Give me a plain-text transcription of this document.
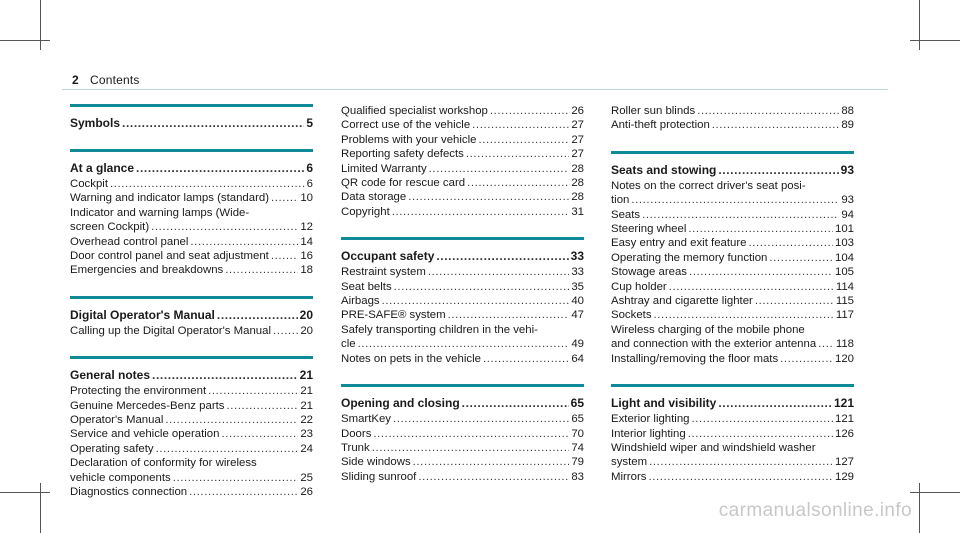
2 Contents
Symbols .....	5
At a glance .....	6
Cockpit .....	6
Warning and indicator lamps (standard) .....	10
Indicator and warning lamps (Wide-
screen Cockpit) .....	12
Overhead control panel .....	14
Door control panel and seat adjustment .....	16
Emergencies and breakdowns .....	18
Digital Operator's Manual .....	20
Calling up the Digital Operator's Manual .....	20
General notes .....	21
Protecting the environment .....	21
Genuine Mercedes-Benz parts .....	21
Operator's Manual .....	22
Service and vehicle operation .....	23
Operating safety .....	24
Declaration of conformity for wireless
vehicle components .....	25
Diagnostics connection .....	26
Qualified specialist workshop .....	26
Correct use of the vehicle .....	27
Problems with your vehicle .....	27
Reporting safety defects .....	27
Limited Warranty .....	28
QR code for rescue card .....	28
Data storage .....	28
Copyright .....	31
Occupant safety .....	33
Restraint system .....	33
Seat belts .....	35
Airbags .....	40
PRE-SAFE® system .....	47
Safely transporting children in the vehi-
cle .....	49
Notes on pets in the vehicle .....	64
Opening and closing .....	65
SmartKey .....	65
Doors .....	70
Trunk .....	74
Side windows .....	79
Sliding sunroof .....	83
Roller sun blinds .....	88
Anti-theft protection .....	89
Seats and stowing .....	93
Notes on the correct driver's seat posi-
tion .....	93
Seats .....	94
Steering wheel .....	101
Easy entry and exit feature .....	103
Operating the memory function .....	104
Stowage areas .....	105
Cup holder .....	114
Ashtray and cigarette lighter .....	115
Sockets .....	117
Wireless charging of the mobile phone
and connection with the exterior antenna ..... 118
Installing/removing the floor mats .....	120
Light and visibility .....	121
Exterior lighting .....	121
Interior lighting .....	126
Windshield wiper and windshield washer
system .....	127
Mirrors .....	129
carmanualsonline.info
